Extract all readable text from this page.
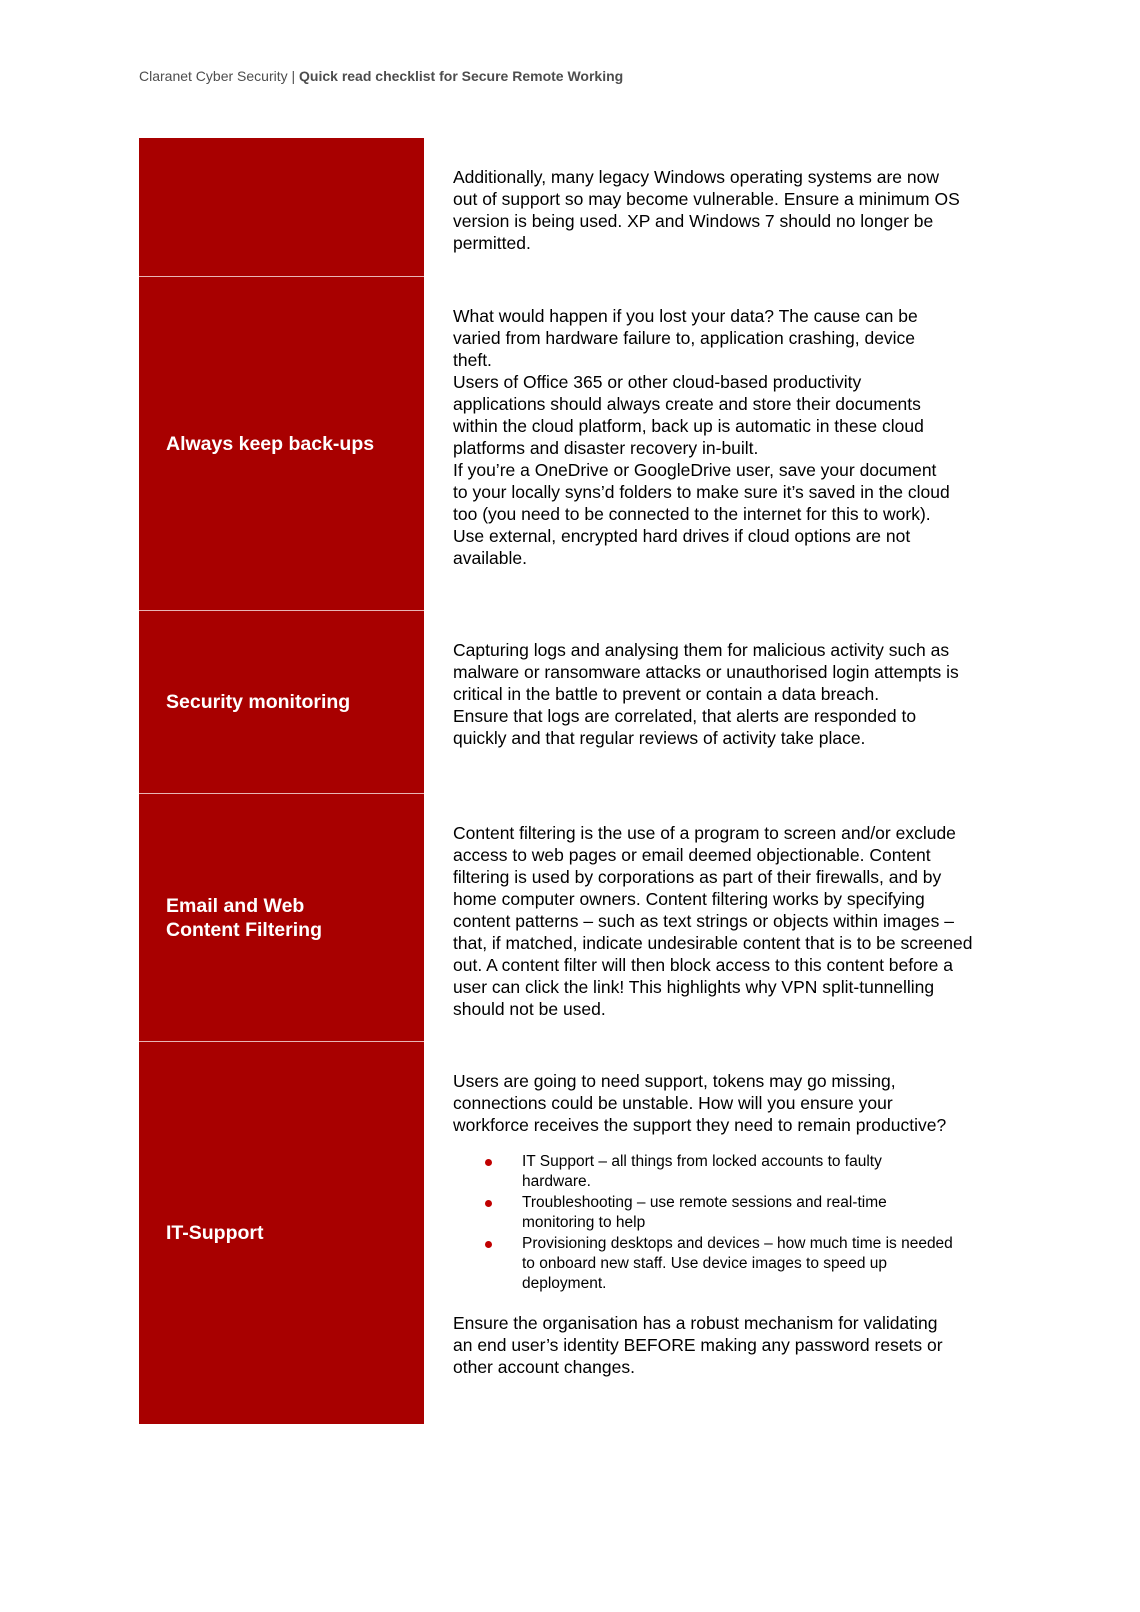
Claranet Cyber Security | Quick read checklist for Secure Remote Working

Additionally, many legacy Windows operating systems are now out of support so may become vulnerable. Ensure a minimum OS version is being used. XP and Windows 7 should no longer be permitted.

Always keep back-ups

What would happen if you lost your data? The cause can be varied from hardware failure to, application crashing, device theft.

Users of Office 365 or other cloud-based productivity applications should always create and store their documents within the cloud platform, back up is automatic in these cloud platforms and disaster recovery in-built.

If you’re a OneDrive or GoogleDrive user, save your document to your locally syns’d folders to make sure it’s saved in the cloud too (you need to be connected to the internet for this to work).

Use external, encrypted hard drives if cloud options are not available.

Security monitoring

Capturing logs and analysing them for malicious activity such as malware or ransomware attacks or unauthorised login attempts is critical in the battle to prevent or contain a data breach.

Ensure that logs are correlated, that alerts are responded to quickly and that regular reviews of activity take place.

Email and Web
Content Filtering

Content filtering is the use of a program to screen and/or exclude access to web pages or email deemed objectionable. Content filtering is used by corporations as part of their firewalls, and by home computer owners. Content filtering works by specifying content patterns – such as text strings or objects within images – that, if matched, indicate undesirable content that is to be screened out. A content filter will then block access to this content before a user can click the link! This highlights why VPN split-tunnelling should not be used.

IT-Support

Users are going to need support, tokens may go missing, connections could be unstable. How will you ensure your workforce receives the support they need to remain productive?

IT Support – all things from locked accounts to faulty hardware.
Troubleshooting – use remote sessions and real-time monitoring to help
Provisioning desktops and devices – how much time is needed to onboard new staff. Use device images to speed up deployment.

Ensure the organisation has a robust mechanism for validating an end user’s identity BEFORE making any password resets or other account changes.
